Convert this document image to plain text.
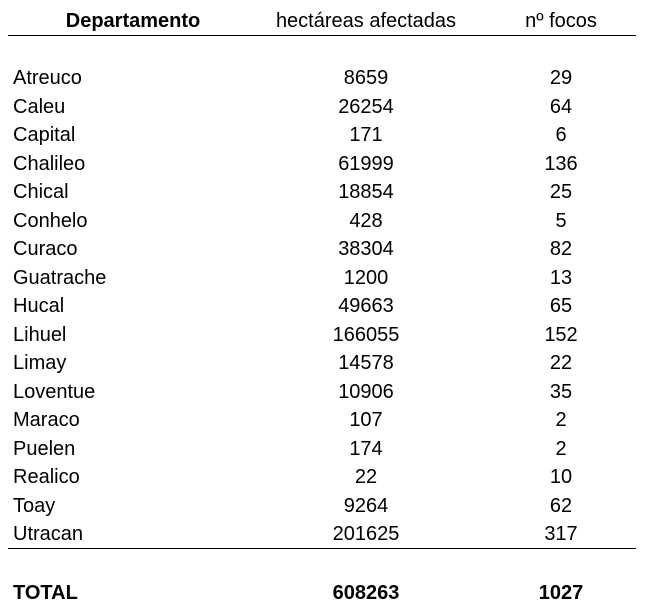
Departamento	hectáreas afectadas	nº focos
Atreuco	8659	29
Caleu	26254	64
Capital	171	6
Chalileo	61999	136
Chical	18854	25
Conhelo	428	5
Curaco	38304	82
Guatrache	1200	13
Hucal	49663	65
Lihuel	166055	152
Limay	14578	22
Loventue	10906	35
Maraco	107	2
Puelen	174	2
Realico	22	10
Toay	9264	62
Utracan	201625	317
TOTAL	608263	1027
